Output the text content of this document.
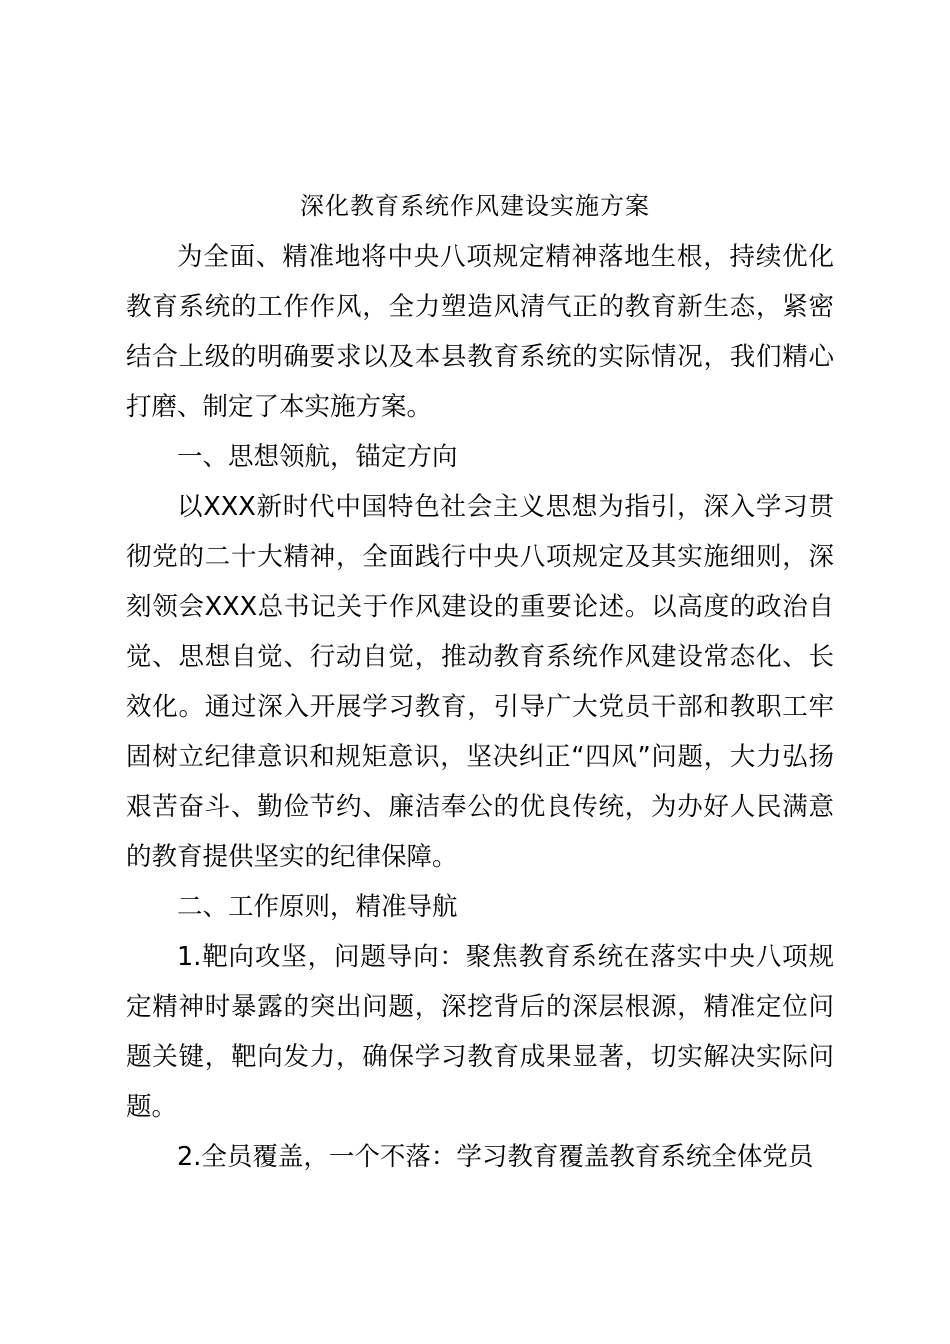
深化教育系统作风建设实施方案

为全面、精准地将中央八项规定精神落地生根，持续优化教育系统的工作作风，全力塑造风清气正的教育新生态，紧密结合上级的明确要求以及本县教育系统的实际情况，我们精心打磨、制定了本实施方案。

一、思想领航，锚定方向

以XXX新时代中国特色社会主义思想为指引，深入学习贯彻党的二十大精神，全面践行中央八项规定及其实施细则，深刻领会XXX总书记关于作风建设的重要论述。以高度的政治自觉、思想自觉、行动自觉，推动教育系统作风建设常态化、长效化。通过深入开展学习教育，引导广大党员干部和教职工牢固树立纪律意识和规矩意识，坚决纠正“四风”问题，大力弘扬艰苦奋斗、勤俭节约、廉洁奉公的优良传统，为办好人民满意的教育提供坚实的纪律保障。

二、工作原则，精准导航

1.靶向攻坚，问题导向：聚焦教育系统在落实中央八项规定精神时暴露的突出问题，深挖背后的深层根源，精准定位问题关键，靶向发力，确保学习教育成果显著，切实解决实际问题。

2.全员覆盖，一个不落：学习教育覆盖教育系统全体党员
